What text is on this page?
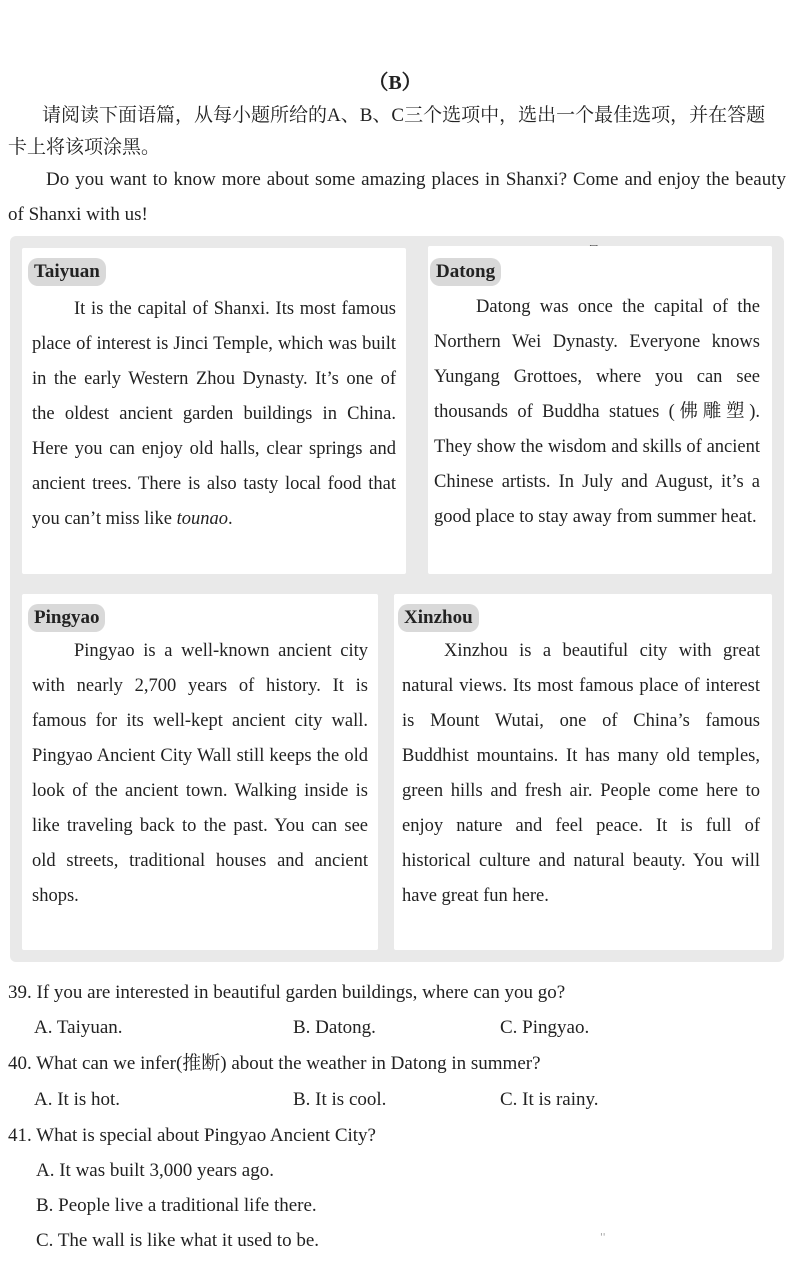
（B）
请阅读下面语篇，从每小题所给的A、B、C三个选项中，选出一个最佳选项，并在答题卡上将该项涂黑。
Do you want to know more about some amazing places in Shanxi? Come and enjoy the beauty of Shanxi with us!
Taiyuan
It is the capital of Shanxi. Its most famous place of interest is Jinci Temple, which was built in the early Western Zhou Dynasty. It’s one of the oldest ancient garden buildings in China. Here you can enjoy old halls, clear springs and ancient trees. There is also tasty local food that you can’t miss like tounao.
Datong
Datong was once the capital of the Northern Wei Dynasty. Everyone knows Yungang Grottoes, where you can see thousands of Buddha statues (佛雕塑). They show the wisdom and skills of ancient Chinese artists. In July and August, it’s a good place to stay away from summer heat.
Pingyao
Pingyao is a well-known ancient city with nearly 2,700 years of history. It is famous for its well-kept ancient city wall. Pingyao Ancient City Wall still keeps the old look of the ancient town. Walking inside is like traveling back to the past. You can see old streets, traditional houses and ancient shops.
Xinzhou
Xinzhou is a beautiful city with great natural views. Its most famous place of interest is Mount Wutai, one of China’s famous Buddhist mountains. It has many old temples, green hills and fresh air. People come here to enjoy nature and feel peace. It is full of historical culture and natural beauty. You will have great fun here.
39. If you are interested in beautiful garden buildings, where can you go?
A. Taiyuan.	B. Datong.	C. Pingyao.
40. What can we infer(推断) about the weather in Datong in summer?
A. It is hot.	B. It is cool.	C. It is rainy.
41. What is special about Pingyao Ancient City?
A. It was built 3,000 years ago.
B. People live a traditional life there.
C. The wall is like what it used to be.	''
